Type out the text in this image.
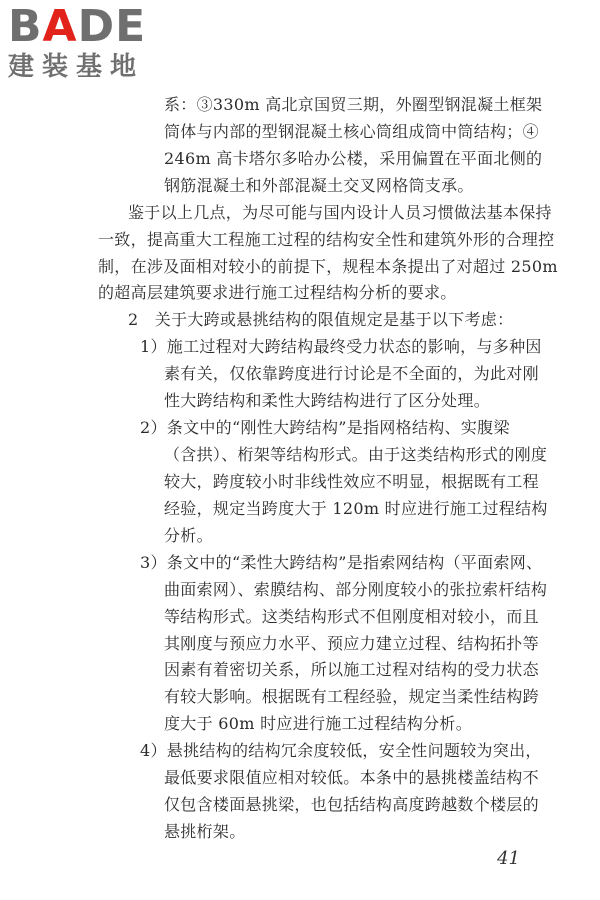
BADE
建装基地
系：③330m 高北京国贸三期，外圈型钢混凝土框架
筒体与内部的型钢混凝土核心筒组成筒中筒结构；④
246m 高卡塔尔多哈办公楼，采用偏置在平面北侧的
钢筋混凝土和外部混凝土交叉网格筒支承。
鉴于以上几点，为尽可能与国内设计人员习惯做法基本保持
一致，提高重大工程施工过程的结构安全性和建筑外形的合理控
制，在涉及面相对较小的前提下，规程本条提出了对超过 250m
的超高层建筑要求进行施工过程结构分析的要求。
2　关于大跨或悬挑结构的限值规定是基于以下考虑：
1）施工过程对大跨结构最终受力状态的影响，与多种因
素有关，仅依靠跨度进行讨论是不全面的，为此对刚
性大跨结构和柔性大跨结构进行了区分处理。
2）条文中的“刚性大跨结构”是指网格结构、实腹梁
（含拱）、桁架等结构形式。由于这类结构形式的刚度
较大，跨度较小时非线性效应不明显，根据既有工程
经验，规定当跨度大于 120m 时应进行施工过程结构
分析。
3）条文中的“柔性大跨结构”是指索网结构（平面索网、
曲面索网）、索膜结构、部分刚度较小的张拉索杆结构
等结构形式。这类结构形式不但刚度相对较小，而且
其刚度与预应力水平、预应力建立过程、结构拓扑等
因素有着密切关系，所以施工过程对结构的受力状态
有较大影响。根据既有工程经验，规定当柔性结构跨
度大于 60m 时应进行施工过程结构分析。
4）悬挑结构的结构冗余度较低，安全性问题较为突出，
最低要求限值应相对较低。本条中的悬挑楼盖结构不
仅包含楼面悬挑梁，也包括结构高度跨越数个楼层的
悬挑桁架。
41
